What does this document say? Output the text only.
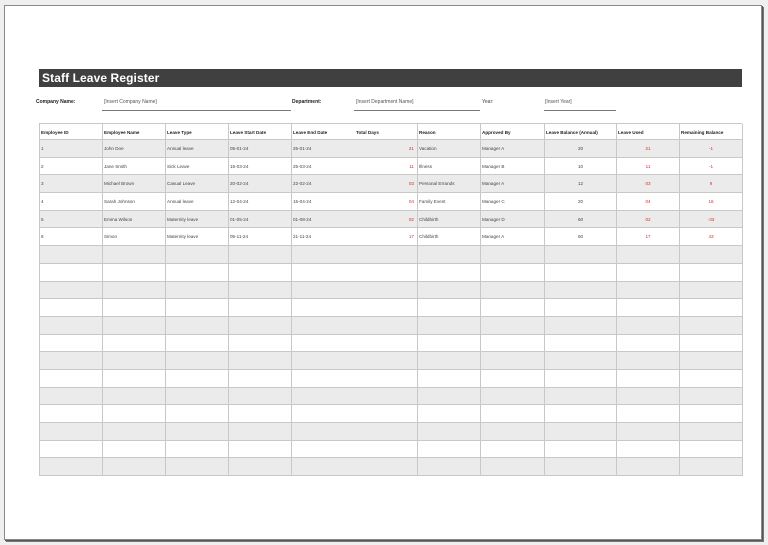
Staff Leave Register
Company Name:	[Insert Company Name]	Department:	[Insert Department Name]	Year:	[Insert Year]
Employee ID	Employee Name	Leave Type	Leave Start Date	Leave End Date	Total Days	Reason	Approved By	Leave Balance (Annual)	Leave Used	Remaining Balance
1	John Doe	Annual leave	05-01-24	25-01-24	21	Vacation	Manager A	20	21	-1
2	Jane Smith	Sick Leave	15-03-24	25-03-24	11	Illness	Manager B	10	11	-1
3	Michael Brown	Casual Leave	20-02-24	22-02-24	03	Personal Errands	Manager A	12	03	9
4	Sarah Johnson	Annual leave	12-04-24	15-04-24	04	Family Event	Manager C	20	04	16
5	Emma Wilson	Maternity leave	01-05-24	01-08-24	02	Childbirth	Manager D	60	02	-33
6	Simon	Maternity leave	05-11-24	21-11-24	17	Childbirth	Manager A	60	17	43
